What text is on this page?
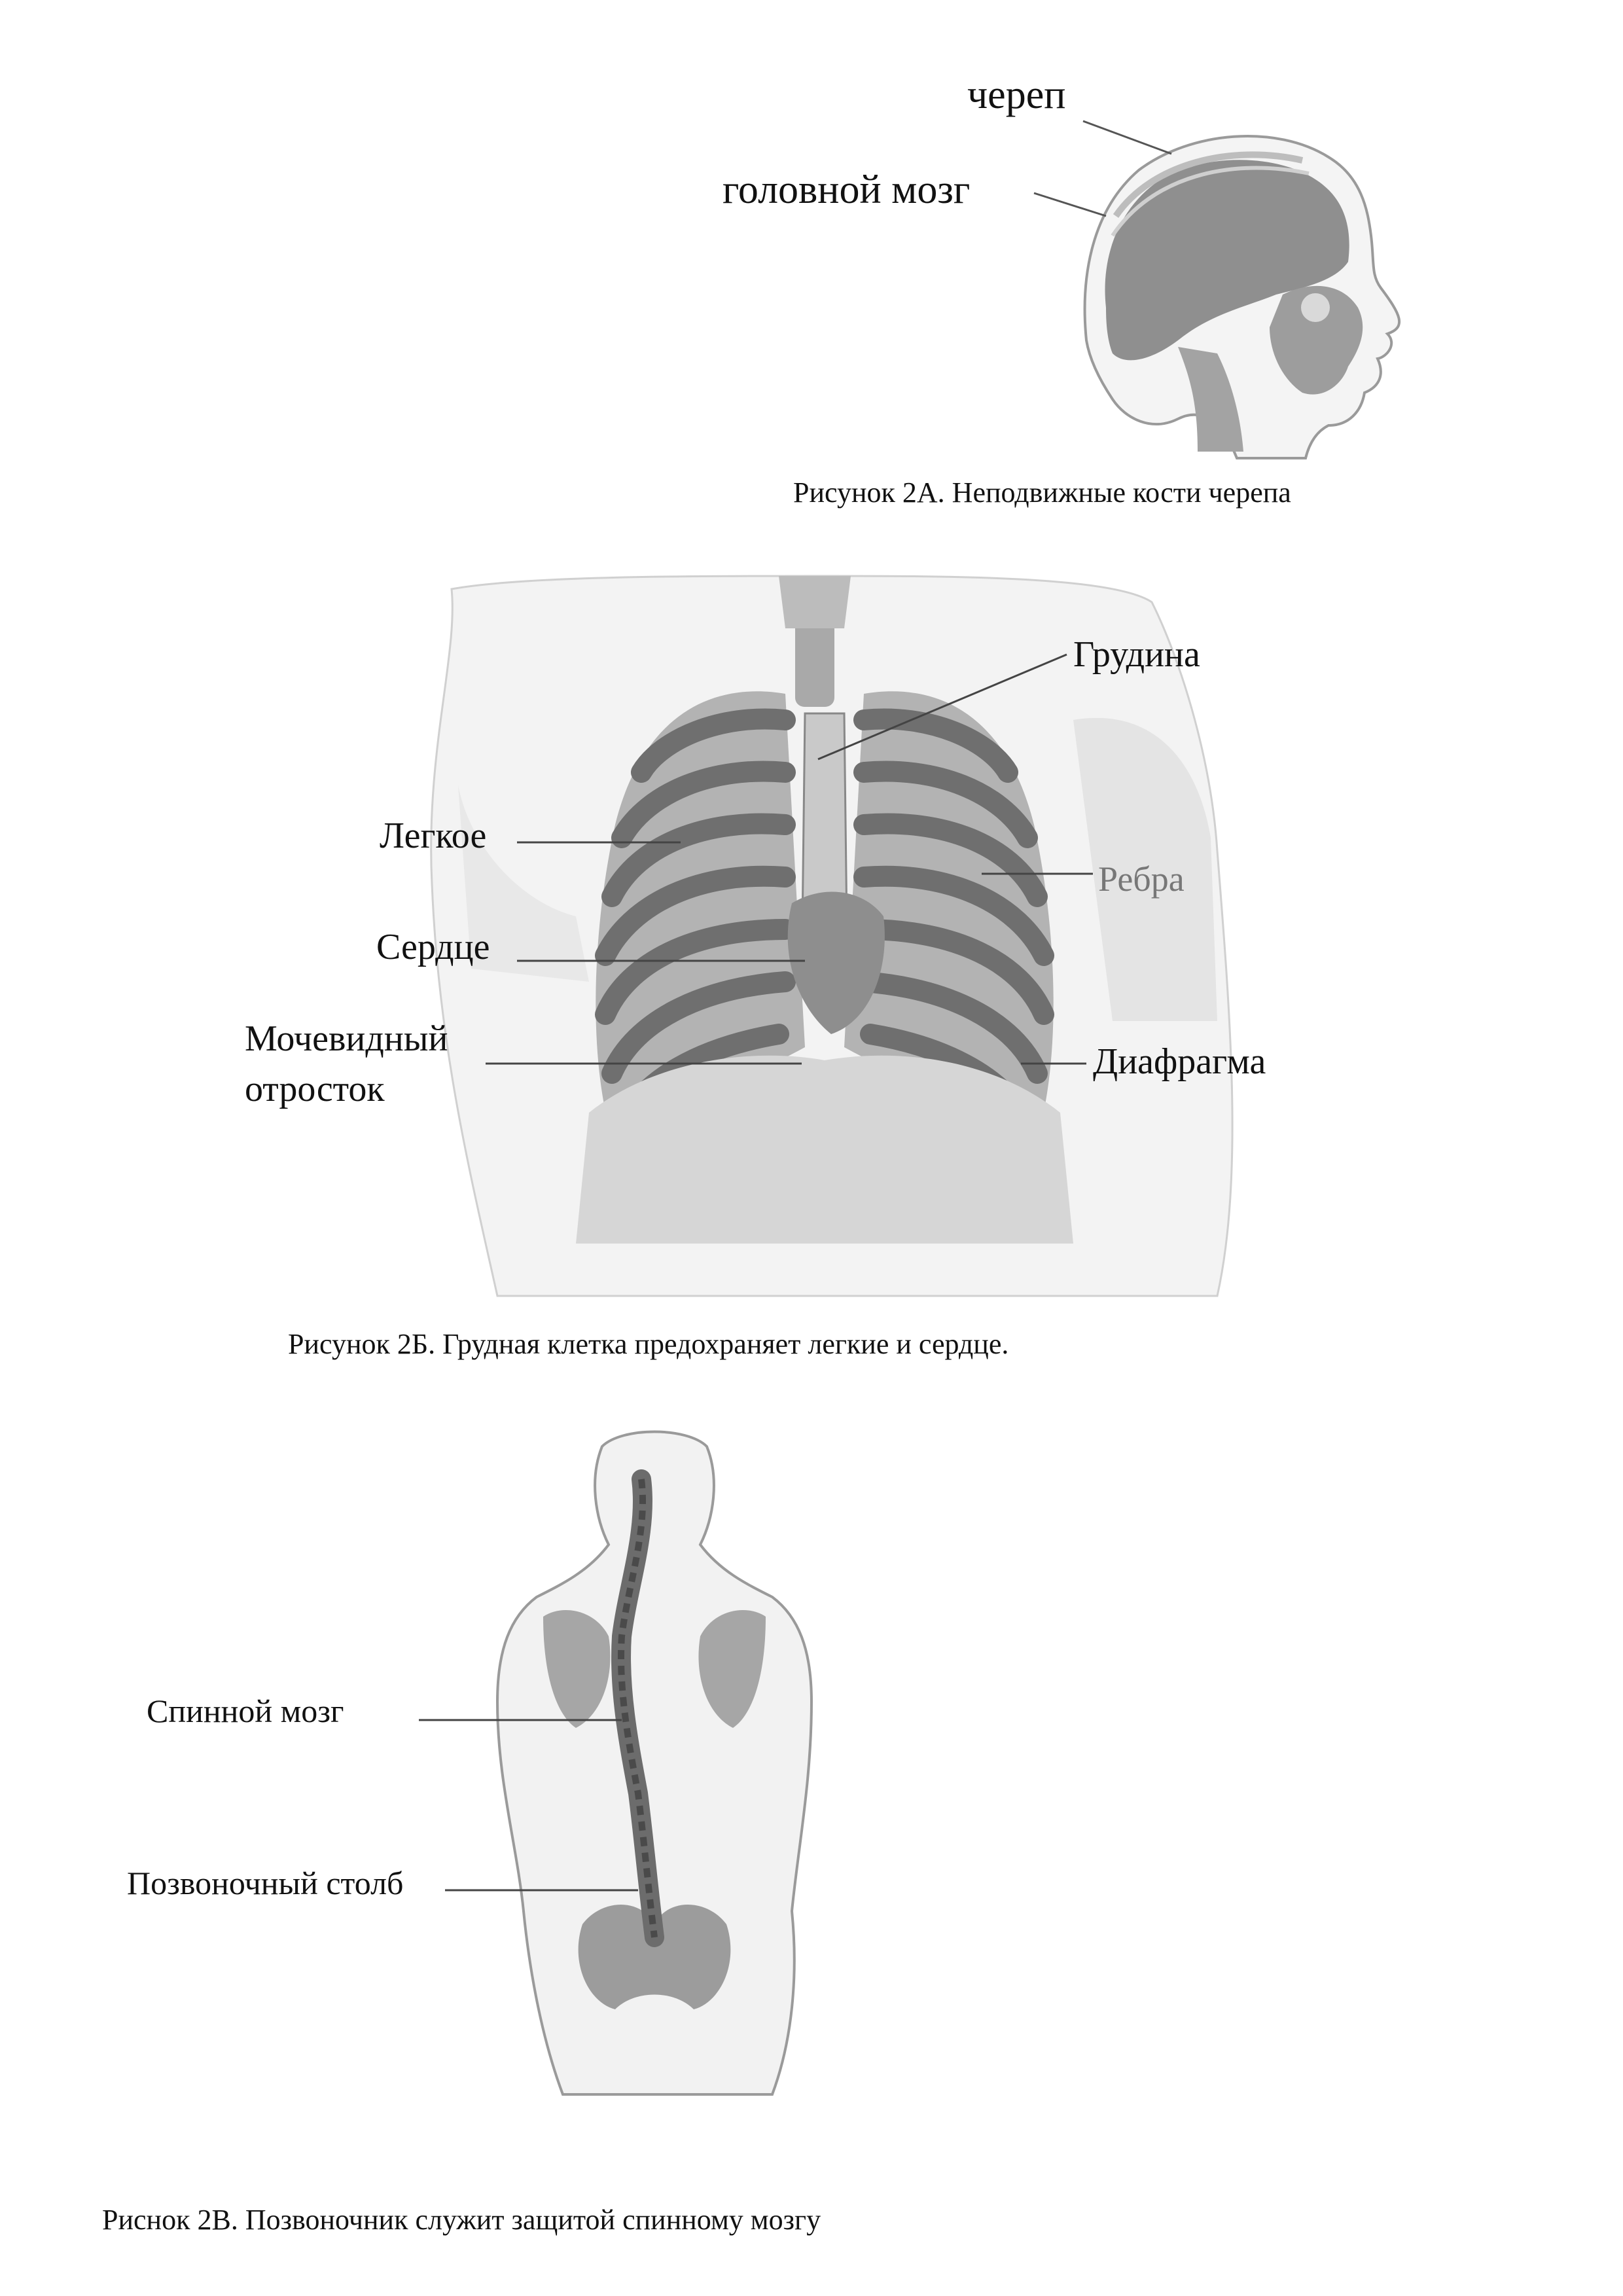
череп
головной мозг
Рисунок 2А. Неподвижные кости черепа
Грудина
Легкое
Ребра
Сердце
Мочевидный
отросток
Диафрагма
Рисунок 2Б. Грудная клетка предохраняет легкие и сердце.
Спинной мозг
Позвоночный столб
Риснок 2В. Позвоночник служит защитой спинному мозгу
